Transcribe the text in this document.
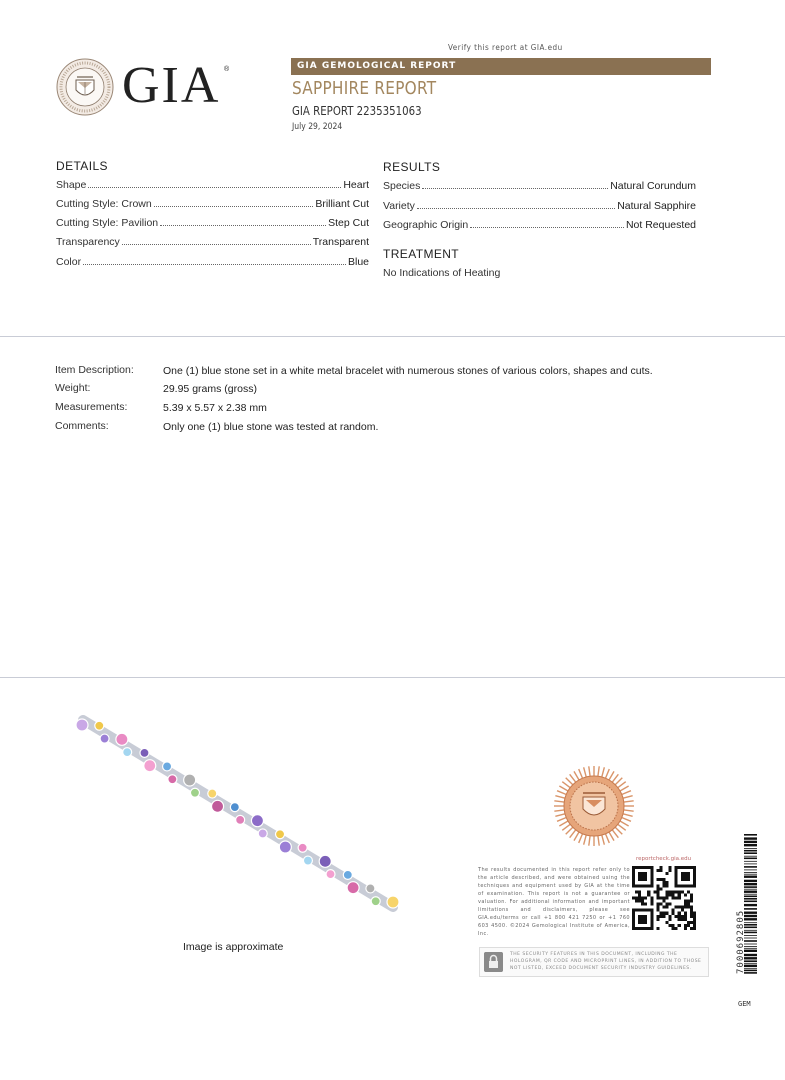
Verify this report at GIA.edu
GIA ®	GIA GEMOLOGICAL REPORT
SAPPHIRE REPORT
GIA REPORT 2235351063
July 29, 2024
DETAILS
Shape	Heart
Cutting Style: Crown	Brilliant Cut
Cutting Style: Pavilion	Step Cut
Transparency	Transparent
Color	Blue
RESULTS
Species	Natural Corundum
Variety	Natural Sapphire
Geographic Origin	Not Requested
TREATMENT
No Indications of Heating
Item Description:	One (1) blue stone set in a white metal bracelet with numerous stones of various colors, shapes and cuts.
Weight:	29.95 grams (gross)
Measurements:	5.39 x 5.57 x 2.38 mm
Comments:	Only one (1) blue stone was tested at random.
Image is approximate
reportcheck.gia.edu
The results documented in this report refer only to the article described, and were obtained using the techniques and equipment used by GIA at the time of examination. This report is not a guarantee or valuation. For additional information and important limitations and disclaimers, please see GIA.edu/terms or call +1 800 421 7250 or +1 760 603 4500. ©2024 Gemological Institute of America, Inc.
THE SECURITY FEATURES IN THIS DOCUMENT, INCLUDING THE HOLOGRAM, QR CODE AND MICROPRINT LINES, IN ADDITION TO THOSE NOT LISTED, EXCEED DOCUMENT SECURITY INDUSTRY GUIDELINES.	7000692805
GEM
